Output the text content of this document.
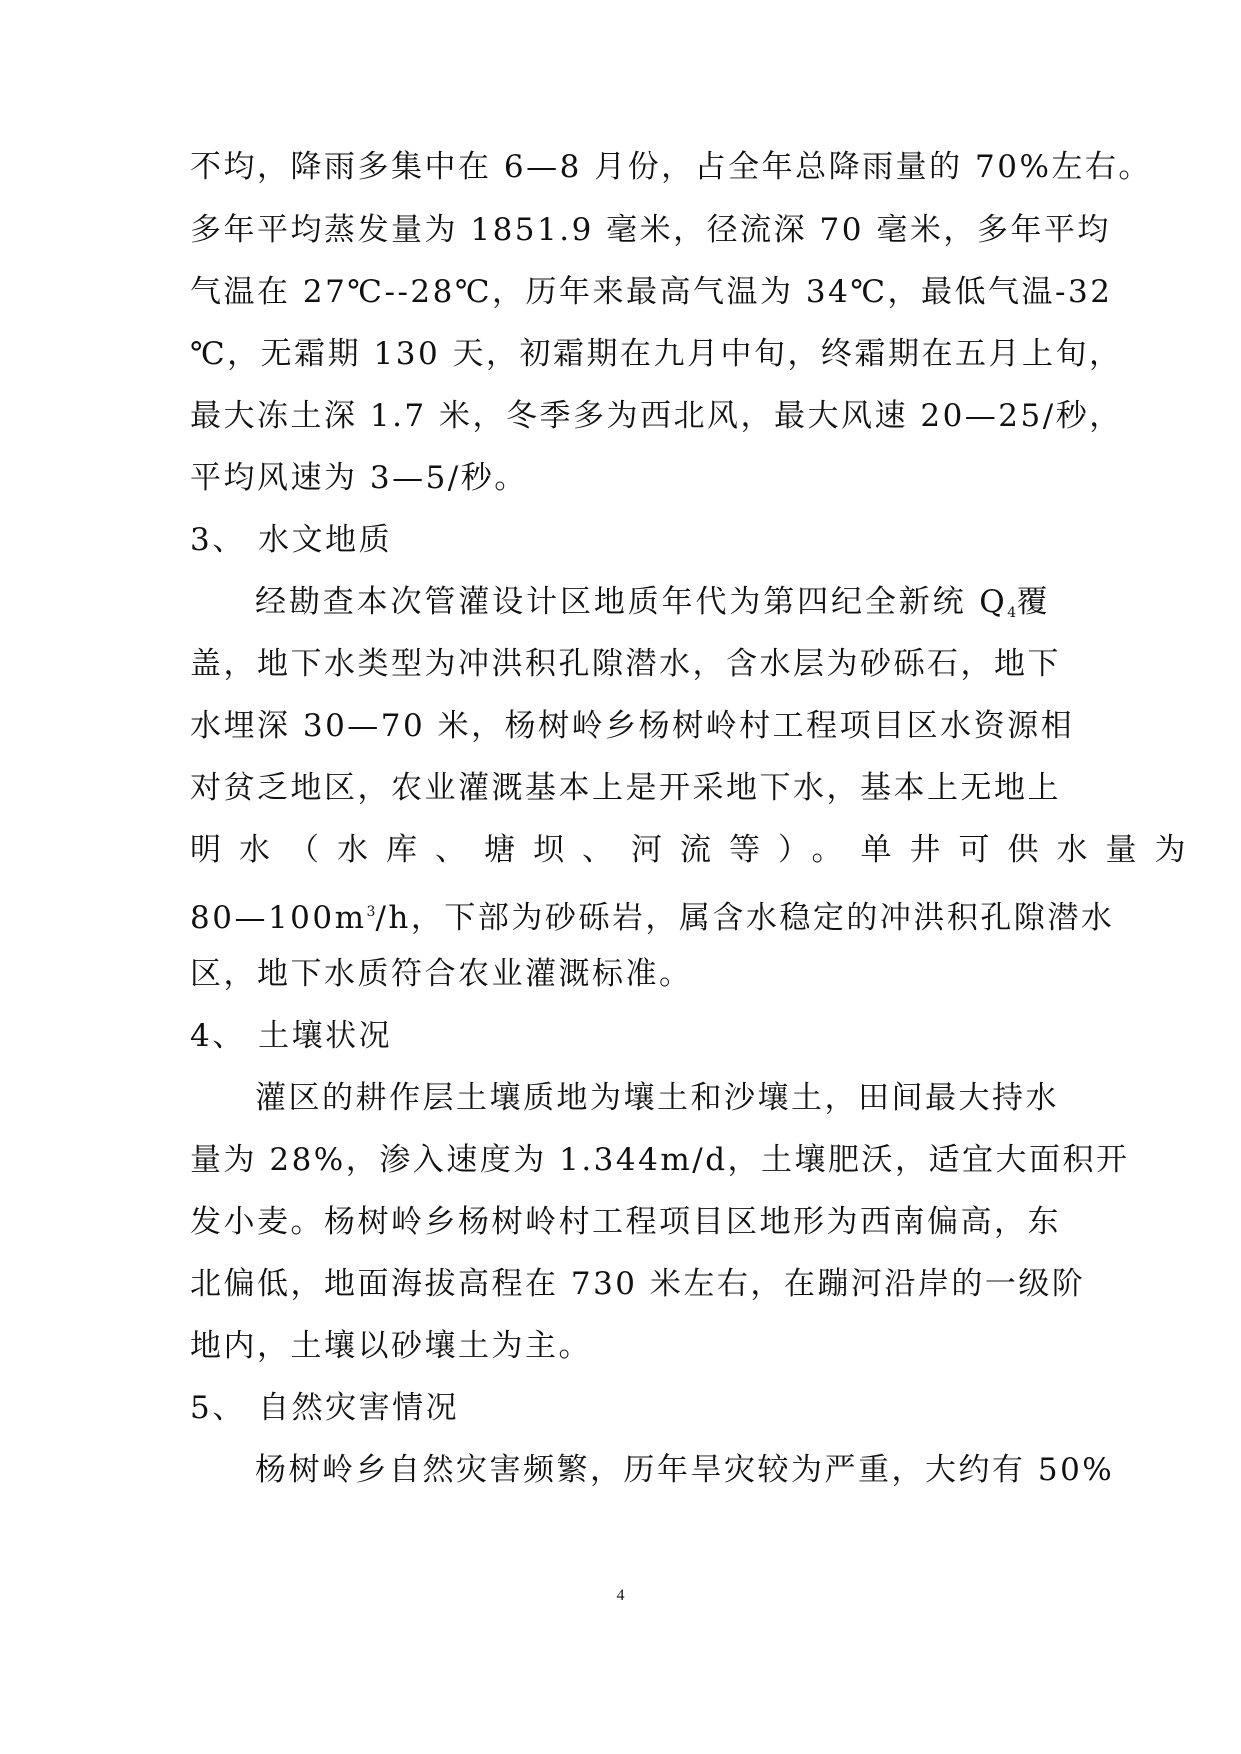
不均，降雨多集中在 6—8 月份，占全年总降雨量的 70%左右。
多年平均蒸发量为 1851.9 毫米，径流深 70 毫米，多年平均
气温在 27℃--28℃，历年来最高气温为 34℃，最低气温-32
℃，无霜期 130 天，初霜期在九月中旬，终霜期在五月上旬，
最大冻土深 1.7 米，冬季多为西北风，最大风速 20—25/秒，
平均风速为 3—5/秒。
3、 水文地质
经勘查本次管灌设计区地质年代为第四纪全新统 $Q_4$覆
盖，地下水类型为冲洪积孔隙潜水，含水层为砂砾石，地下
水埋深 30—70 米，杨树岭乡杨树岭村工程项目区水资源相
对贫乏地区，农业灌溉基本上是开采地下水，基本上无地上
明水（水库、塘坝、河流等）。单井可供水量为
$80—100m^3/h$，下部为砂砾岩，属含水稳定的冲洪积孔隙潜水
区，地下水质符合农业灌溉标准。
4、 土壤状况
灌区的耕作层土壤质地为壤土和沙壤土，田间最大持水
量为 28%，渗入速度为 1.344m/d，土壤肥沃，适宜大面积开
发小麦。杨树岭乡杨树岭村工程项目区地形为西南偏高，东
北偏低，地面海拔高程在 730 米左右，在蹦河沿岸的一级阶
地内，土壤以砂壤土为主。
5、 自然灾害情况
杨树岭乡自然灾害频繁，历年旱灾较为严重，大约有 50%
4
